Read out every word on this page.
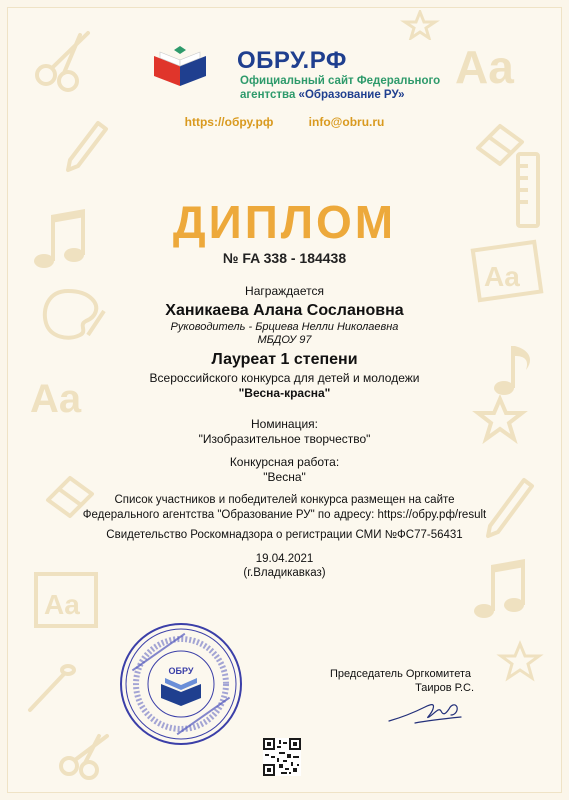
Aa
Aa
Aa
Aa
ОБРУ.РФ
Официальный сайт Федерального
агентства «Образование РУ»
https://обру.рф	info@obru.ru
ДИПЛОМ
№ FA 338 - 184438
Награждается
Ханикаева Алана Сослановна
Руководитель - Брциева Нелли Николаевна
МБДОУ 97
Лауреат 1 степени
Всероссийского конкурса для детей и молодежи
"Весна-красна"
Номинация:
"Изобразительное творчество"
Конкурсная работа:
"Весна"
Список участников и победителей конкурса размещен на сайте
Федерального агентства "Образование РУ" по адресу: https://обру.рф/result
Свидетельство Роскомнадзора о регистрации СМИ №ФС77-56431
19.04.2021
(г.Владикавказ)
ОБРУ	Председатель Оргкомитета
Таиров Р.С.
